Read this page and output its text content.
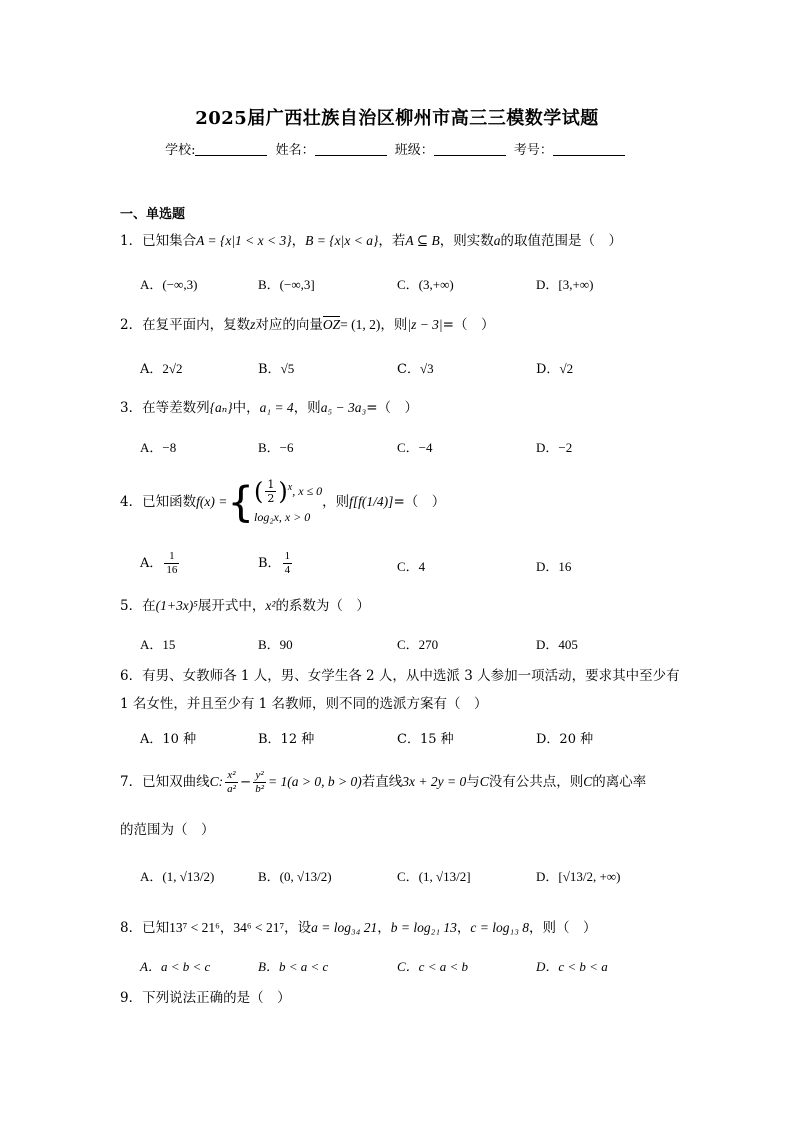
2025届广西壮族自治区柳州市高三三模数学试题
学校:	姓名：	班级：	考号：
一、单选题
1．已知集合A = {x|1 < x < 3}，B = {x|x < a}，若A ⊆ B，则实数a的取值范围是（　）
A．(−∞,3)	B．(−∞,3]	C．(3,+∞)	D．[3,+∞)
2．在复平面内，复数z对应的向量OZ= (1, 2)，则|z − 3|=（　）
A．2√2	B．√5	C．√3	D．√2
3．在等差数列{aₙ}中，a₁ = 4，则a₅ − 3a₃=（　）
A．−8	B．−6	C．−4	D．−2
4．已知函数f(x) ={ ( $\frac{1}{2} )^x$, x ≤ 0
log₂x, x > 0
，则f[f(1/4)]=（　）
A． $\frac{1}{16}$	B． $\frac{1}{4}$	C．4	D．16
5．在(1+3x)⁵展开式中，x²的系数为（　）
A．15	B．90	C．270	D．405
6．有男、女教师各 1 人，男、女学生各 2 人，从中选派 3 人参加一项活动，要求其中至少有 1 名女性，并且至少有 1 名教师，则不同的选派方案有（　）
A．10 种	B．12 种	C．15 种	D．20 种
7．已知双曲线C: $\frac{\text{x²}}{\text{a²}} - \frac{\text{y²}}{\text{b²}} = 1(a > 0$, b > 0)若直线3x + 2y = 0与C没有公共点，则C的离心率
的范围为（　）
A．(1, √13/2)	B．(0, √13/2)	C．(1, √13/2]	D．[√13/2, +∞)
8．已知13⁷ < 21⁶，34⁶ < 21⁷，设a = log₃₄ 21，b = log₂₁ 13，c = log₁₃ 8，则（　）
A．a < b < c	B．b < a < c	C．c < a < b	D．c < b < a
9．下列说法正确的是（　）
